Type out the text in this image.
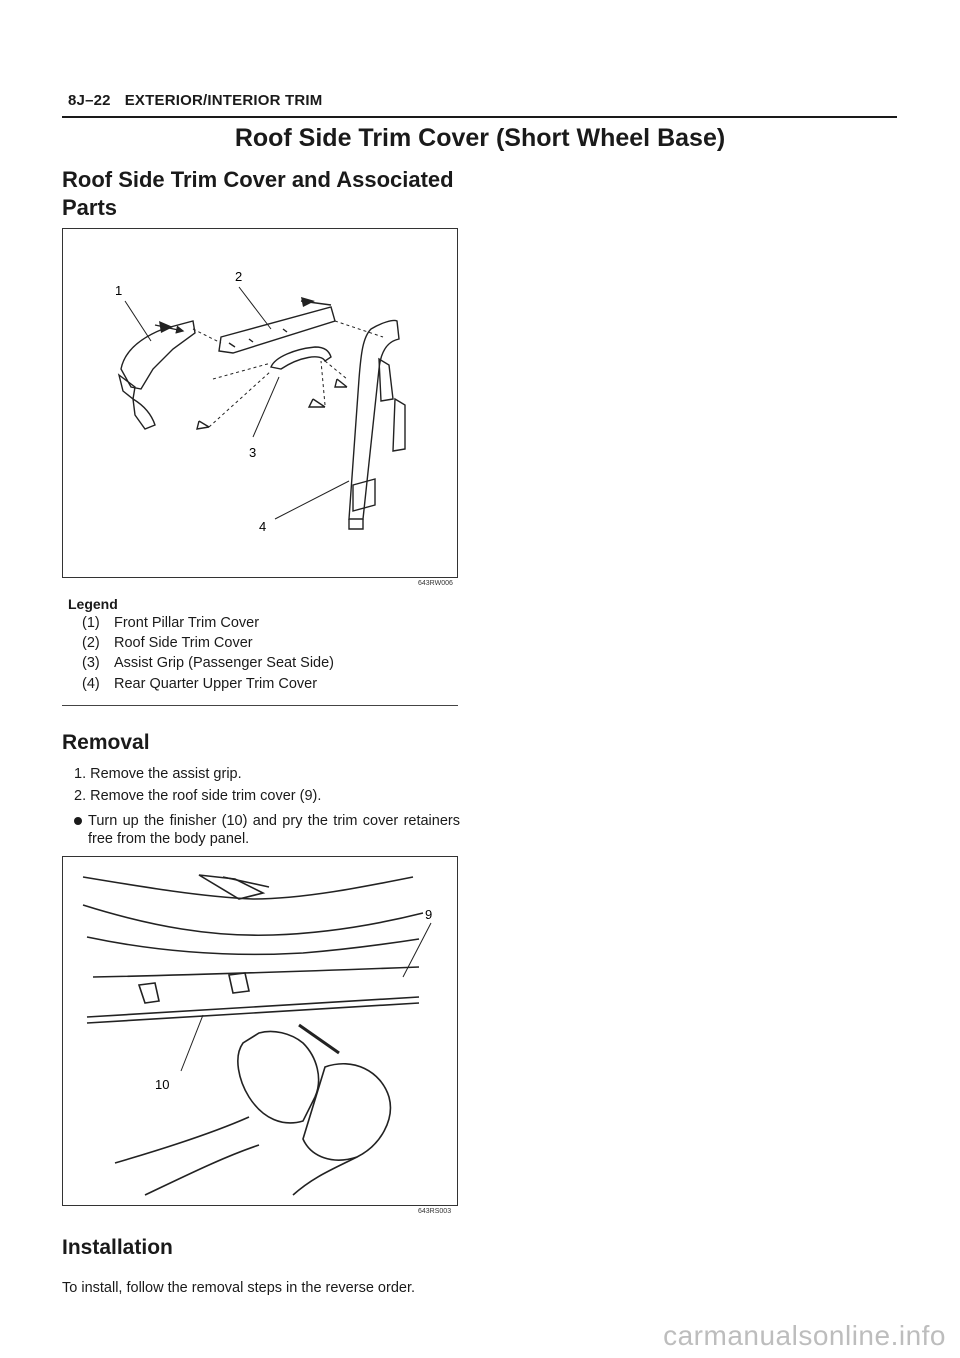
8J–22 EXTERIOR/INTERIOR TRIM
Roof Side Trim Cover (Short Wheel Base)
Roof Side Trim Cover and Associated Parts
1
2
3
4
643RW006
Legend
(1) Front Pillar Trim Cover
(2) Roof Side Trim Cover
(3) Assist Grip (Passenger Seat Side)
(4) Rear Quarter Upper Trim Cover
Removal
1. Remove the assist grip.
2. Remove the roof side trim cover (9).
Turn up the finisher (10) and pry the trim cover retainers free from the body panel.
9
10
643RS003
Installation
To install, follow the removal steps in the reverse order.
carmanualsonline.info
